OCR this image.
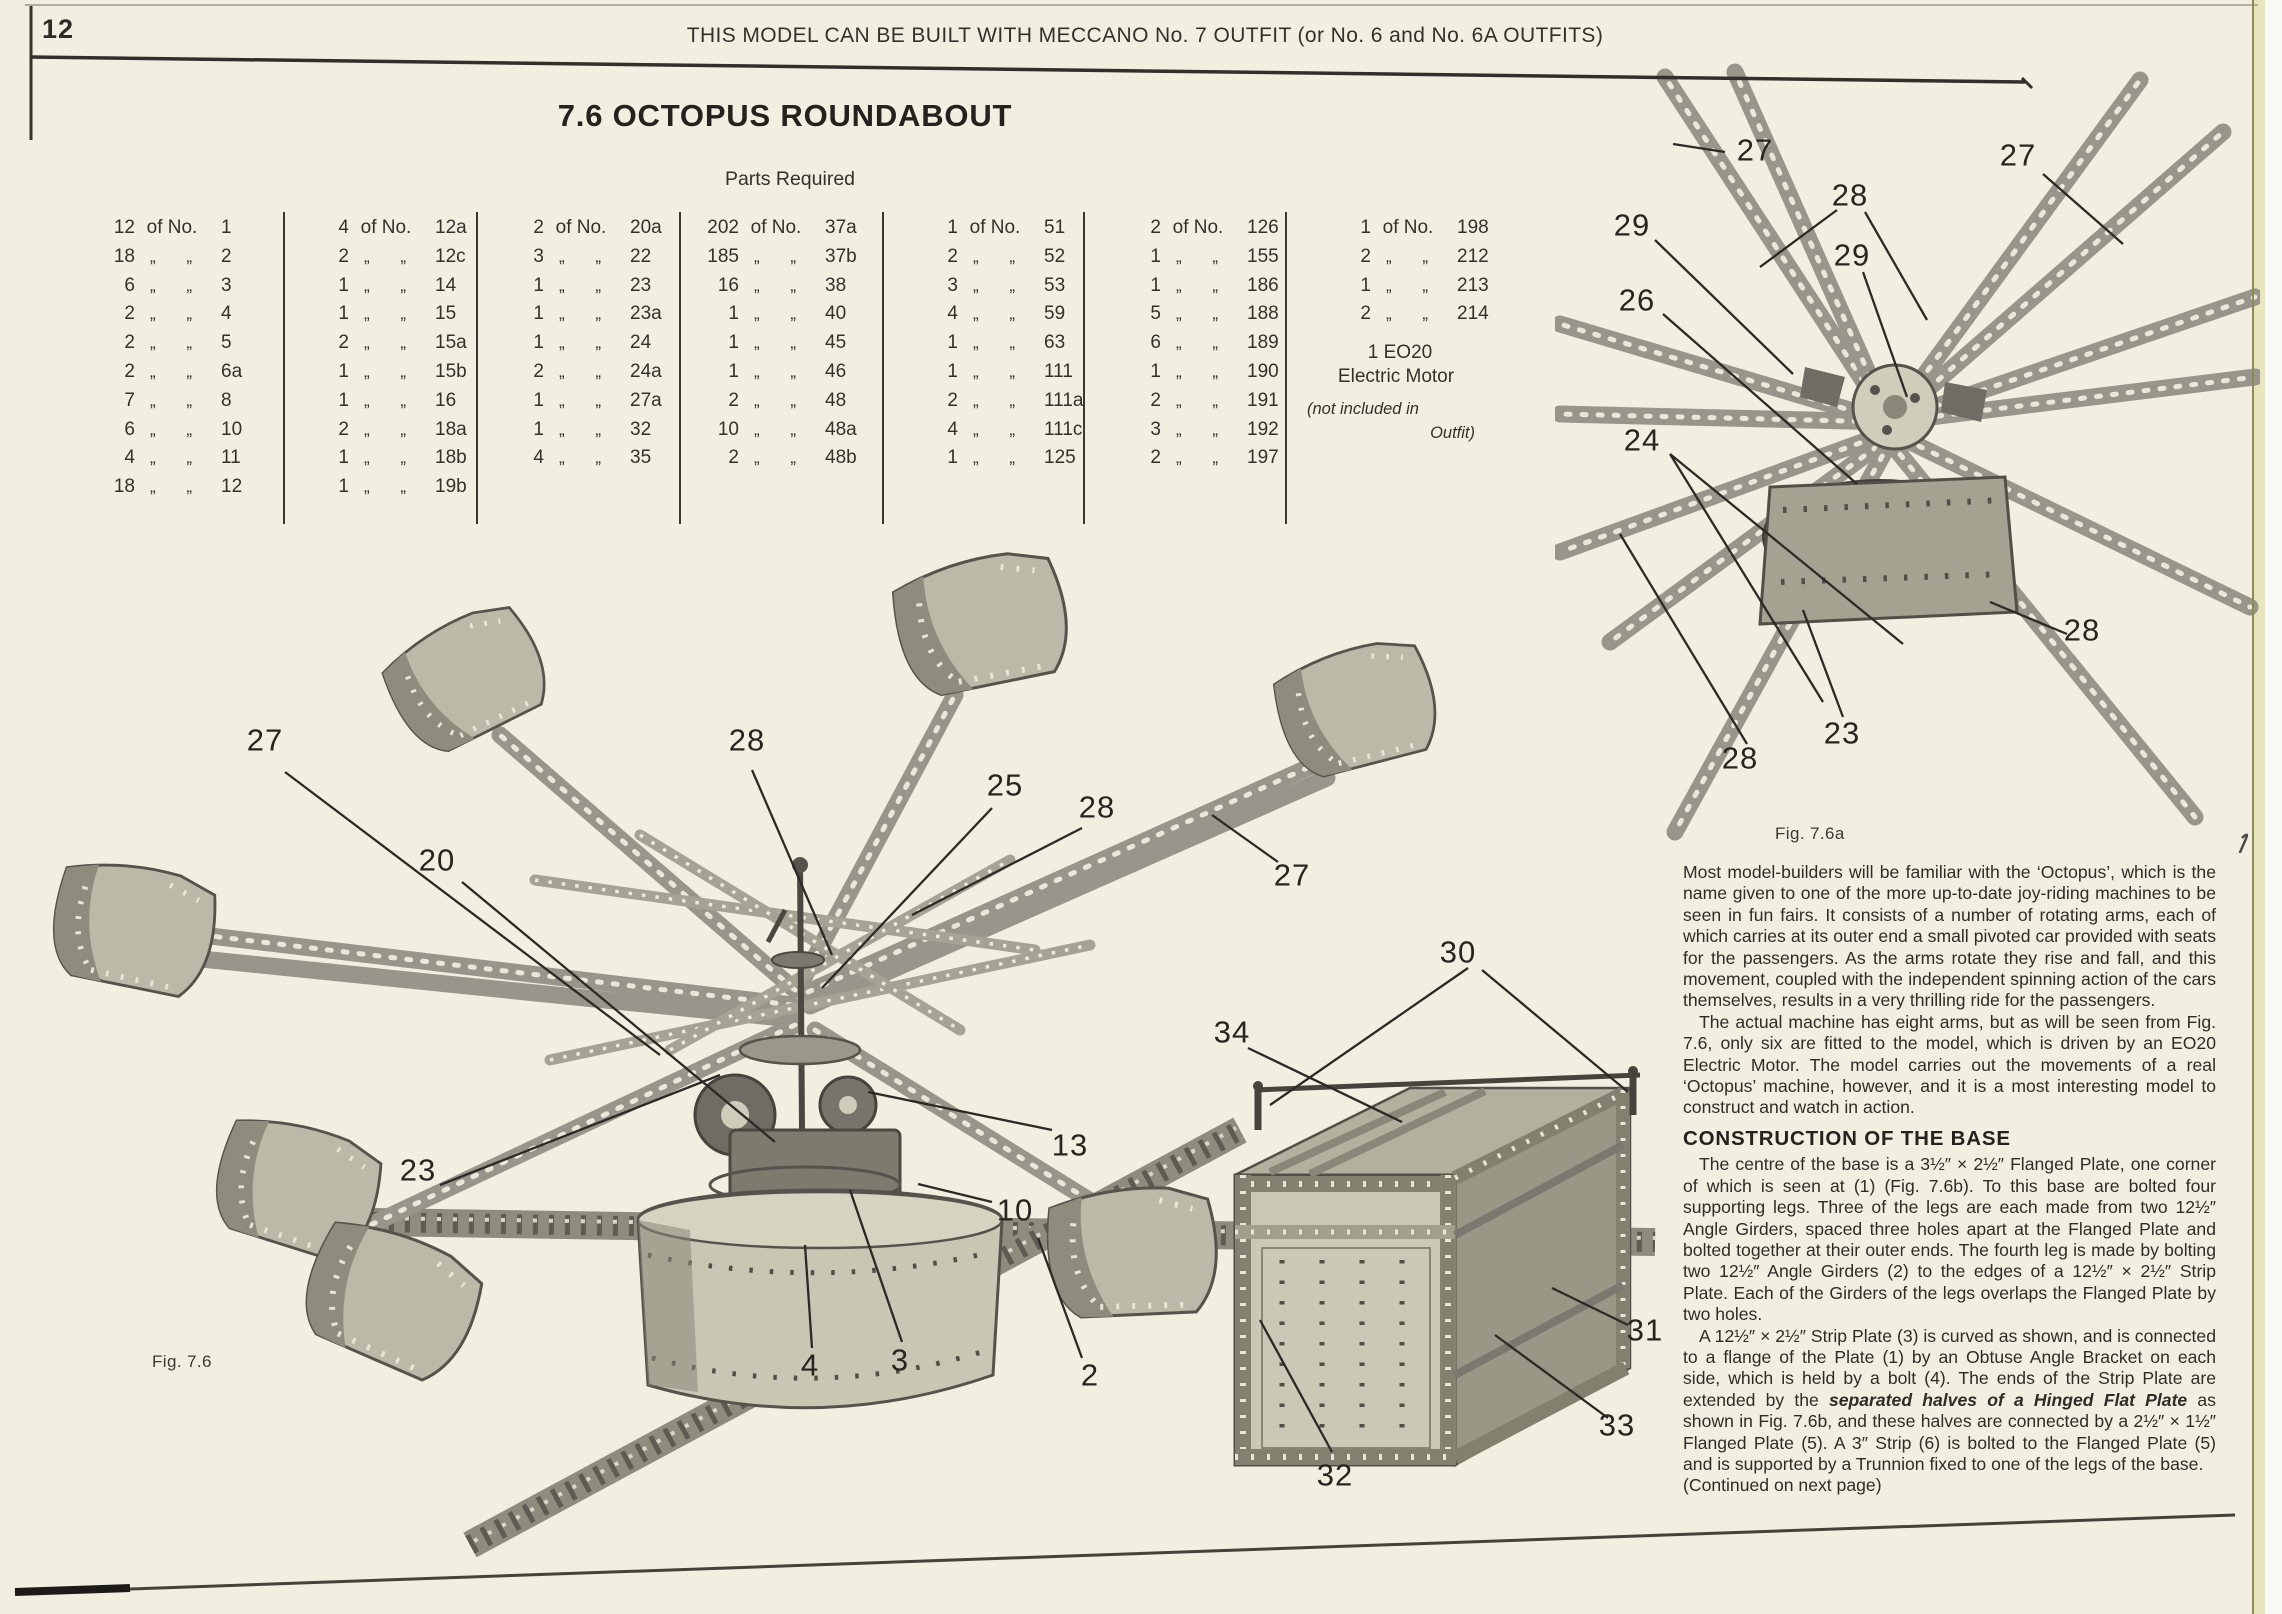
12	THIS MODEL CAN BE BUILT WITH MECCANO No. 7 OUTFIT (or No. 6 and No. 6A OUTFITS)
7.6 OCTOPUS ROUNDABOUT
Parts Required
12 of No.	1
18 „ „	2
6 „ „	3
2 „ „	4
2 „ „	5
2 „ „	6a
7 „ „	8
6 „ „	10
4 „ „	11
18 „ „	12
4 of No.	12a
2 „ „	12c
1 „ „	14
1 „ „	15
2 „ „	15a
1 „ „	15b
1 „ „	16
2 „ „	18a
1 „ „	18b
1 „ „	19b
2 of No.	20a
3 „ „	22
1 „ „	23
1 „ „	23a
1 „ „	24
2 „ „	24a
1 „ „	27a
1 „ „	32
4 „ „	35
202 of No.	37a
185 „ „	37b
16 „ „	38
1 „ „	40
1 „ „	45
1 „ „	46
2 „ „	48
10 „ „	48a
2 „ „	48b
1 of No.	51
2 „ „	52
3 „ „	53
4 „ „	59
1 „ „	63
1 „ „	111
2 „ „	111a
4 „ „	111c
1 „ „	125
2 of No.	126
1 „ „	155
1 „ „	186
5 „ „	188
6 „ „	189
1 „ „	190
2 „ „	191
3 „ „	192
2 „ „	197
1 of No.	198
2 „ „	212
1 „ „	213
2 „ „	214
1 EO20
Electric Motor
(not included in
Outfit)
Fig. 7.6
27
20
28
25
28
27
23
13
10
4 3	2
30
34
31
33
32
Fig. 7.6a
29
27
28
29
27
26
24
28
23
28

Most model-builders will be familiar with the ‘Octopus’, which is the name given to one of the more up-to-date joy-riding machines to be seen in fun fairs. It consists of a number of rotating arms, each of which carries at its outer end a small pivoted car provided with seats for the passengers. As the arms rotate they rise and fall, and this movement, coupled with the independent spinning action of the cars themselves, results in a very thrilling ride for the passengers.

The actual machine has eight arms, but as will be seen from Fig. 7.6, only six are fitted to the model, which is driven by an EO20 Electric Motor. The model carries out the movements of a real ‘Octopus’ machine, however, and it is a most interesting model to construct and watch in action.

CONSTRUCTION OF THE BASE

The centre of the base is a 3½″ × 2½″ Flanged Plate, one corner of which is seen at (1) (Fig. 7.6b). To this base are bolted four supporting legs. Three of the legs are each made from two 12½″ Angle Girders, spaced three holes apart at the Flanged Plate and bolted together at their outer ends. The fourth leg is made by bolting two 12½″ Angle Girders (2) to the edges of a 12½″ × 2½″ Strip Plate. Each of the Girders of the legs overlaps the Flanged Plate by two holes.

A 12½″ × 2½″ Strip Plate (3) is curved as shown, and is connected to a flange of the Plate (1) by an Obtuse Angle Bracket on each side, which is held by a bolt (4). The ends of the Strip Plate are extended by the separated halves of a Hinged Flat Plate as shown in Fig. 7.6b, and these halves are connected by a 2½″ × 1½″ Flanged Plate (5). A 3″ Strip (6) is bolted to the Flanged Plate (5) and is supported by a Trunnion fixed to one of the legs of the base.

(Continued on next page)
